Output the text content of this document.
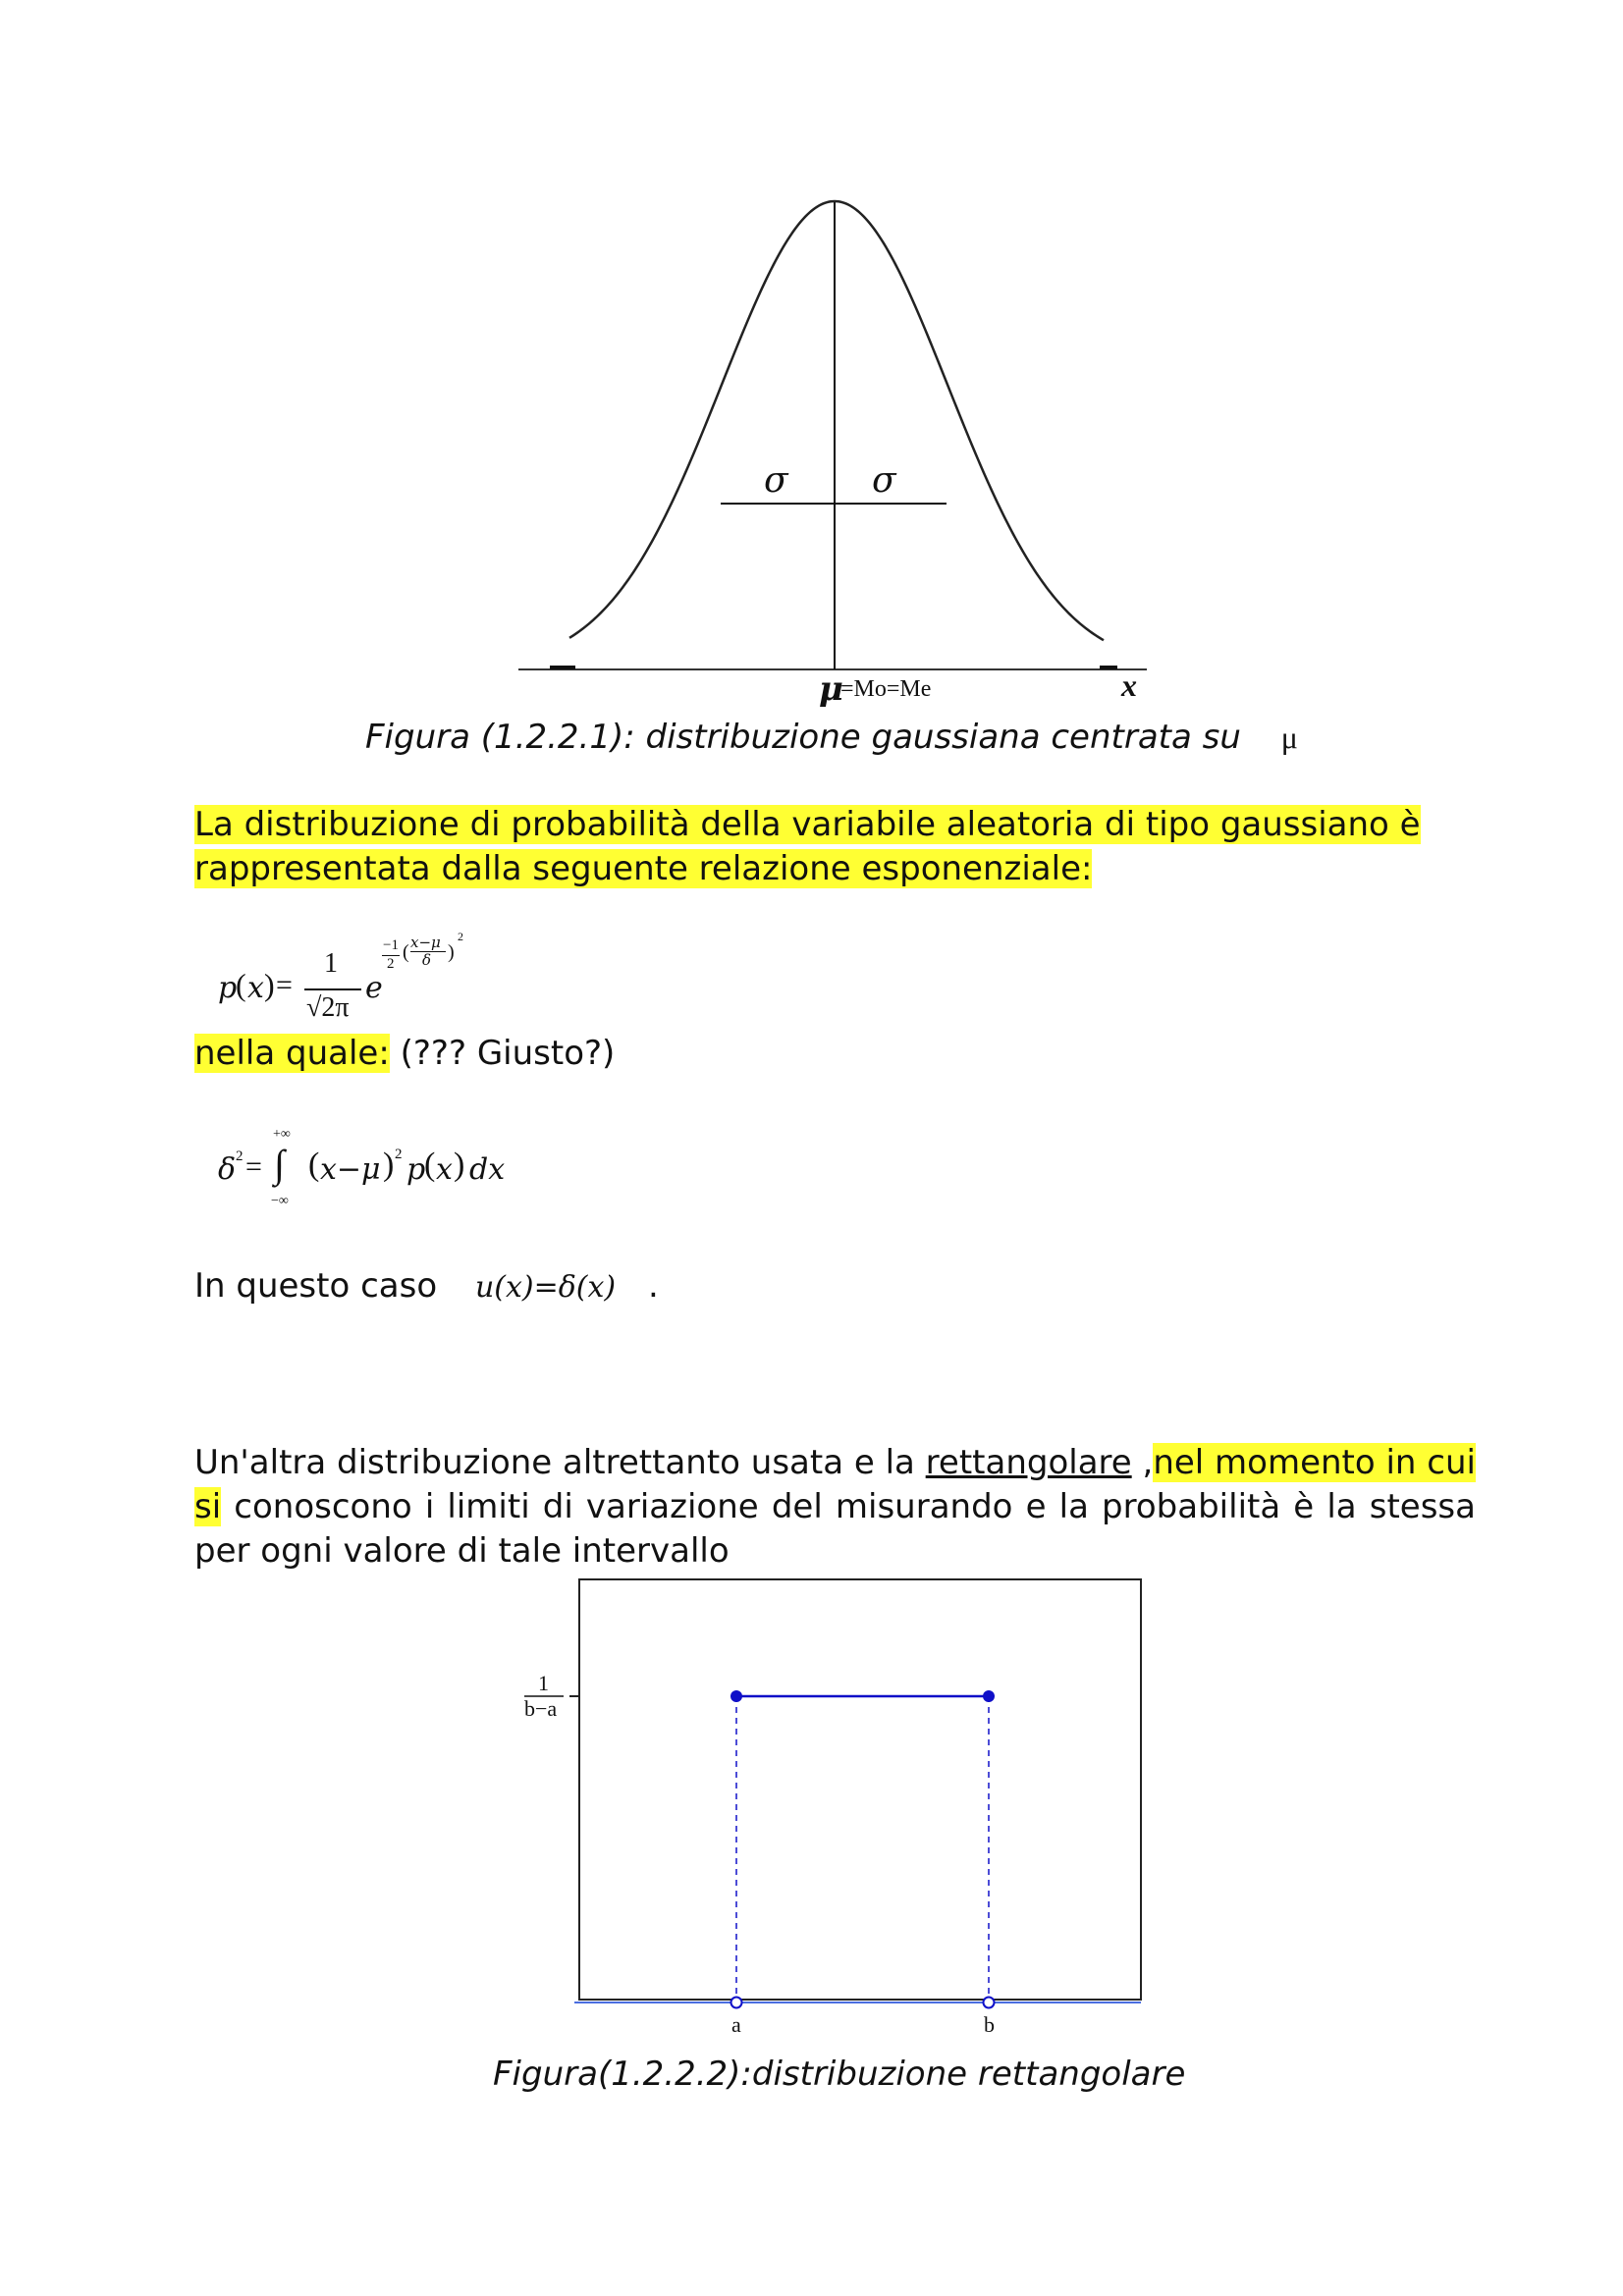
σ σ
μ
=Mo=Me	x
Figura (1.2.2.1): distribuzione gaussiana centrata su μ
La distribuzione di probabilità della variabile aleatoria di tipo gaussiano è
rappresentata dalla seguente relazione esponenziale:
p
( x ) =
1
√2π
e
−1
2
( x−μ
δ )
2
nella quale: (??? Giusto?)
δ 2 =
+∞
∫
−∞
( x−μ ) 2 p
( x ) dx
In questo caso u(x)=δ(x) .
Un'altra distribuzione altrettanto usata e la rettangolare ,nel momento in cui si conoscono i limiti di variazione del misurando e la probabilità è la stessa per ogni valore di tale intervallo
1
b−a
a	b
Figura(1.2.2.2):distribuzione rettangolare
